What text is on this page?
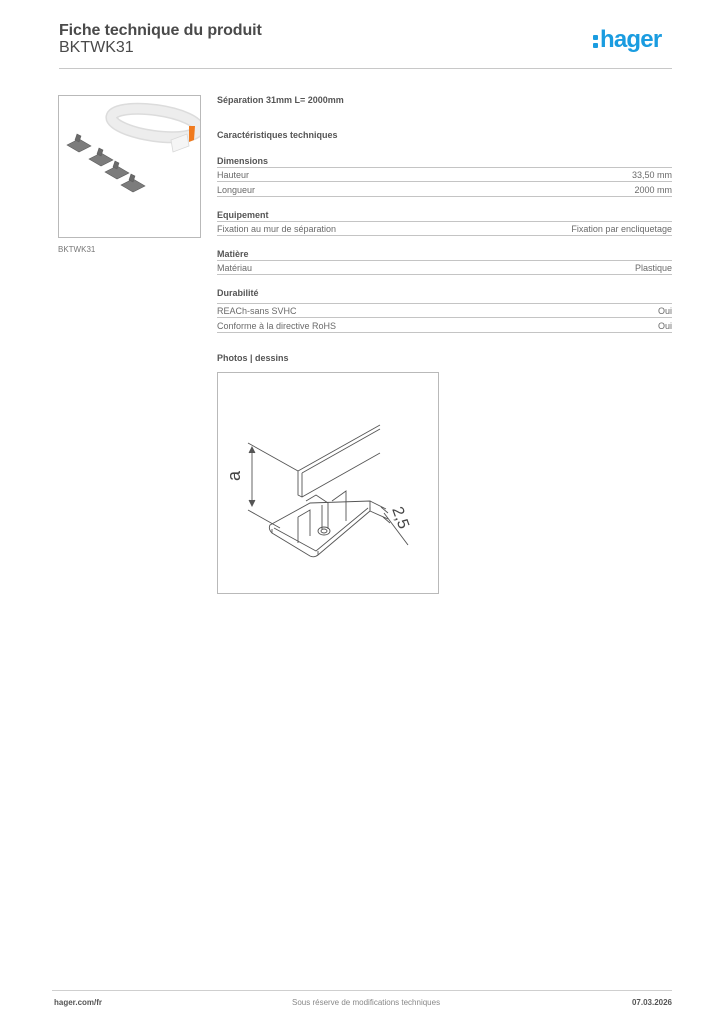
Fiche technique du produit
BKTWK31	hager
BKTWK31
Séparation 31mm L= 2000mm
Caractéristiques techniques
Dimensions
Hauteur	33,50 mm
Longueur	2000 mm
Equipement
Fixation au mur de séparation	Fixation par encliquetage
Matière
Matériau	Plastique
Durabilité
REACh-sans SVHC	Oui
Conforme à la directive RoHS	Oui
Photos | dessins
a
2,5
hager.com/fr	Sous réserve de modifications techniques	07.03.2026
